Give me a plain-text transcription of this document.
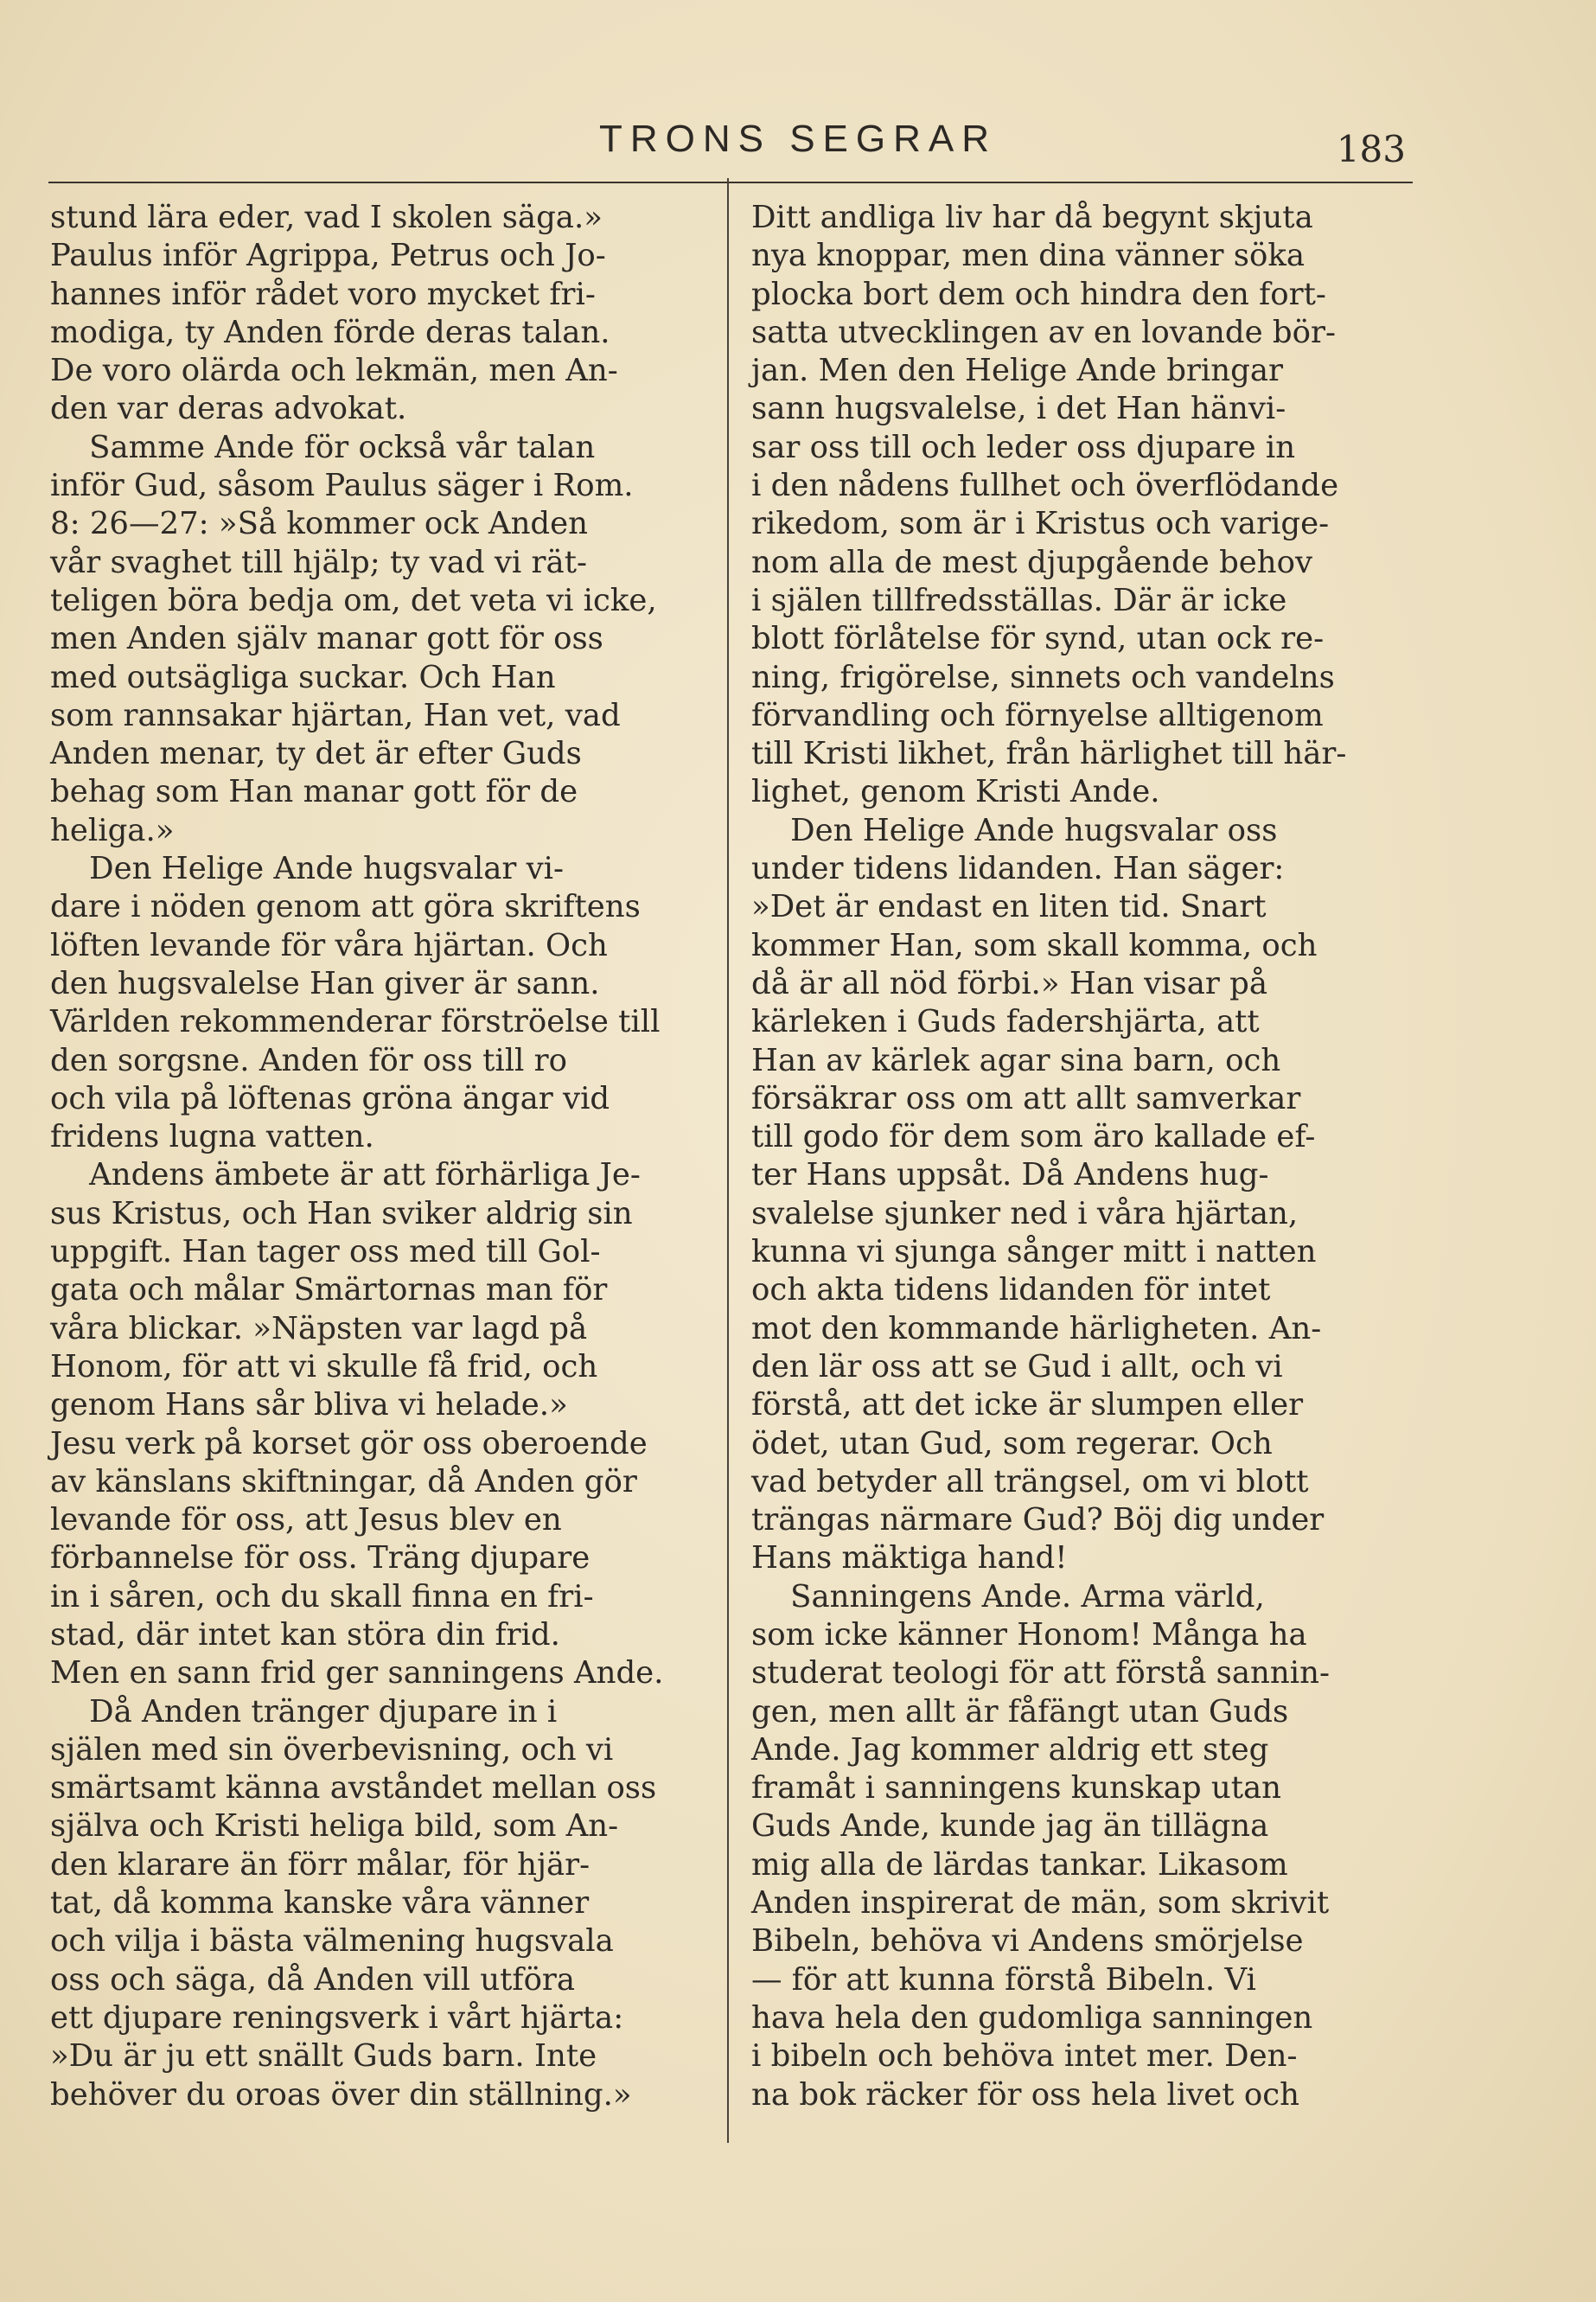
TRONS SEGRAR	183
stund lära eder, vad I skolen säga.»
Paulus inför Agrippa, Petrus och Jo-
hannes inför rådet voro mycket fri-
modiga, ty Anden förde deras talan.
De voro olärda och lekmän, men An-
den var deras advokat.
Samme Ande för också vår talan
inför Gud, såsom Paulus säger i Rom.
8: 26—27: »Så kommer ock Anden
vår svaghet till hjälp; ty vad vi rät-
teligen böra bedja om, det veta vi icke,
men Anden själv manar gott för oss
med outsägliga suckar. Och Han
som rannsakar hjärtan, Han vet, vad
Anden menar, ty det är efter Guds
behag som Han manar gott för de
heliga.»
Den Helige Ande hugsvalar vi-
dare i nöden genom att göra skriftens
löften levande för våra hjärtan. Och
den hugsvalelse Han giver är sann.
Världen rekommenderar förströelse till
den sorgsne. Anden för oss till ro
och vila på löftenas gröna ängar vid
fridens lugna vatten.
Andens ämbete är att förhärliga Je-
sus Kristus, och Han sviker aldrig sin
uppgift. Han tager oss med till Gol-
gata och målar Smärtornas man för
våra blickar. »Näpsten var lagd på
Honom, för att vi skulle få frid, och
genom Hans sår bliva vi helade.»
Jesu verk på korset gör oss oberoende
av känslans skiftningar, då Anden gör
levande för oss, att Jesus blev en
förbannelse för oss. Träng djupare
in i såren, och du skall finna en fri-
stad, där intet kan störa din frid.
Men en sann frid ger sanningens Ande.
Då Anden tränger djupare in i
själen med sin överbevisning, och vi
smärtsamt känna avståndet mellan oss
själva och Kristi heliga bild, som An-
den klarare än förr målar, för hjär-
tat, då komma kanske våra vänner
och vilja i bästa välmening hugsvala
oss och säga, då Anden vill utföra
ett djupare reningsverk i vårt hjärta:
»Du är ju ett snällt Guds barn. Inte
behöver du oroas över din ställning.»
Ditt andliga liv har då begynt skjuta
nya knoppar, men dina vänner söka
plocka bort dem och hindra den fort-
satta utvecklingen av en lovande bör-
jan. Men den Helige Ande bringar
sann hugsvalelse, i det Han hänvi-
sar oss till och leder oss djupare in
i den nådens fullhet och överflödande
rikedom, som är i Kristus och varige-
nom alla de mest djupgående behov
i själen tillfredsställas. Där är icke
blott förlåtelse för synd, utan ock re-
ning, frigörelse, sinnets och vandelns
förvandling och förnyelse alltigenom
till Kristi likhet, från härlighet till här-
lighet, genom Kristi Ande.
Den Helige Ande hugsvalar oss
under tidens lidanden. Han säger:
»Det är endast en liten tid. Snart
kommer Han, som skall komma, och
då är all nöd förbi.» Han visar på
kärleken i Guds fadershjärta, att
Han av kärlek agar sina barn, och
försäkrar oss om att allt samverkar
till godo för dem som äro kallade ef-
ter Hans uppsåt. Då Andens hug-
svalelse sjunker ned i våra hjärtan,
kunna vi sjunga sånger mitt i natten
och akta tidens lidanden för intet
mot den kommande härligheten. An-
den lär oss att se Gud i allt, och vi
förstå, att det icke är slumpen eller
ödet, utan Gud, som regerar. Och
vad betyder all trängsel, om vi blott
trängas närmare Gud? Böj dig under
Hans mäktiga hand!
Sanningens Ande. Arma värld,
som icke känner Honom! Många ha
studerat teologi för att förstå sannin-
gen, men allt är fåfängt utan Guds
Ande. Jag kommer aldrig ett steg
framåt i sanningens kunskap utan
Guds Ande, kunde jag än tillägna
mig alla de lärdas tankar. Likasom
Anden inspirerat de män, som skrivit
Bibeln, behöva vi Andens smörjelse
— för att kunna förstå Bibeln. Vi
hava hela den gudomliga sanningen
i bibeln och behöva intet mer. Den-
na bok räcker för oss hela livet och
